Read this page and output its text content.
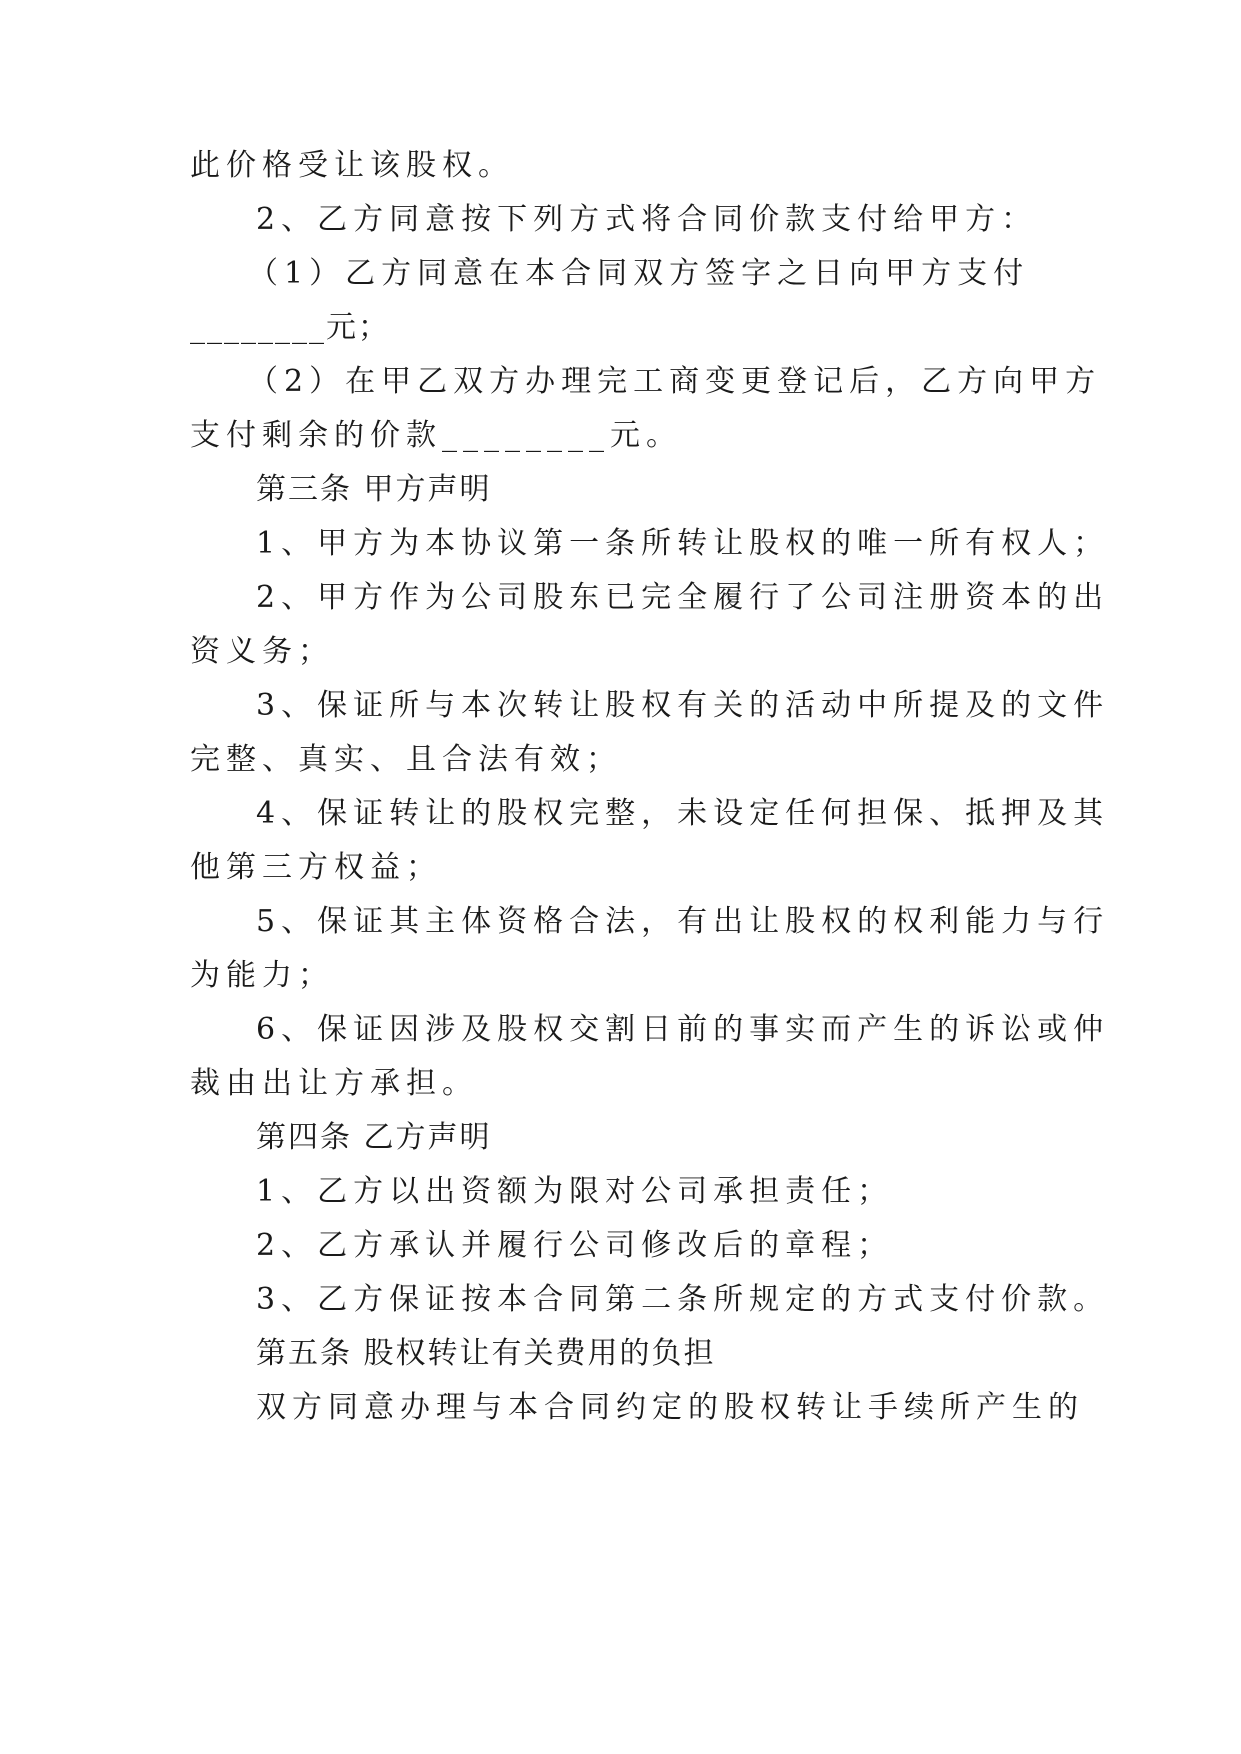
此价格受让该股权。
2、乙方同意按下列方式将合同价款支付给甲方：
（1）乙方同意在本合同双方签字之日向甲方支付
________元；
（2）在甲乙双方办理完工商变更登记后，乙方向甲方
支付剩余的价款________元。
第三条 甲方声明
1、甲方为本协议第一条所转让股权的唯一所有权人；
2、甲方作为公司股东已完全履行了公司注册资本的出
资义务；
3、保证所与本次转让股权有关的活动中所提及的文件
完整、真实、且合法有效；
4、保证转让的股权完整，未设定任何担保、抵押及其
他第三方权益；
5、保证其主体资格合法，有出让股权的权利能力与行
为能力；
6、保证因涉及股权交割日前的事实而产生的诉讼或仲
裁由出让方承担。
第四条 乙方声明
1、乙方以出资额为限对公司承担责任；
2、乙方承认并履行公司修改后的章程；
3、乙方保证按本合同第二条所规定的方式支付价款。
第五条 股权转让有关费用的负担
双方同意办理与本合同约定的股权转让手续所产生的
